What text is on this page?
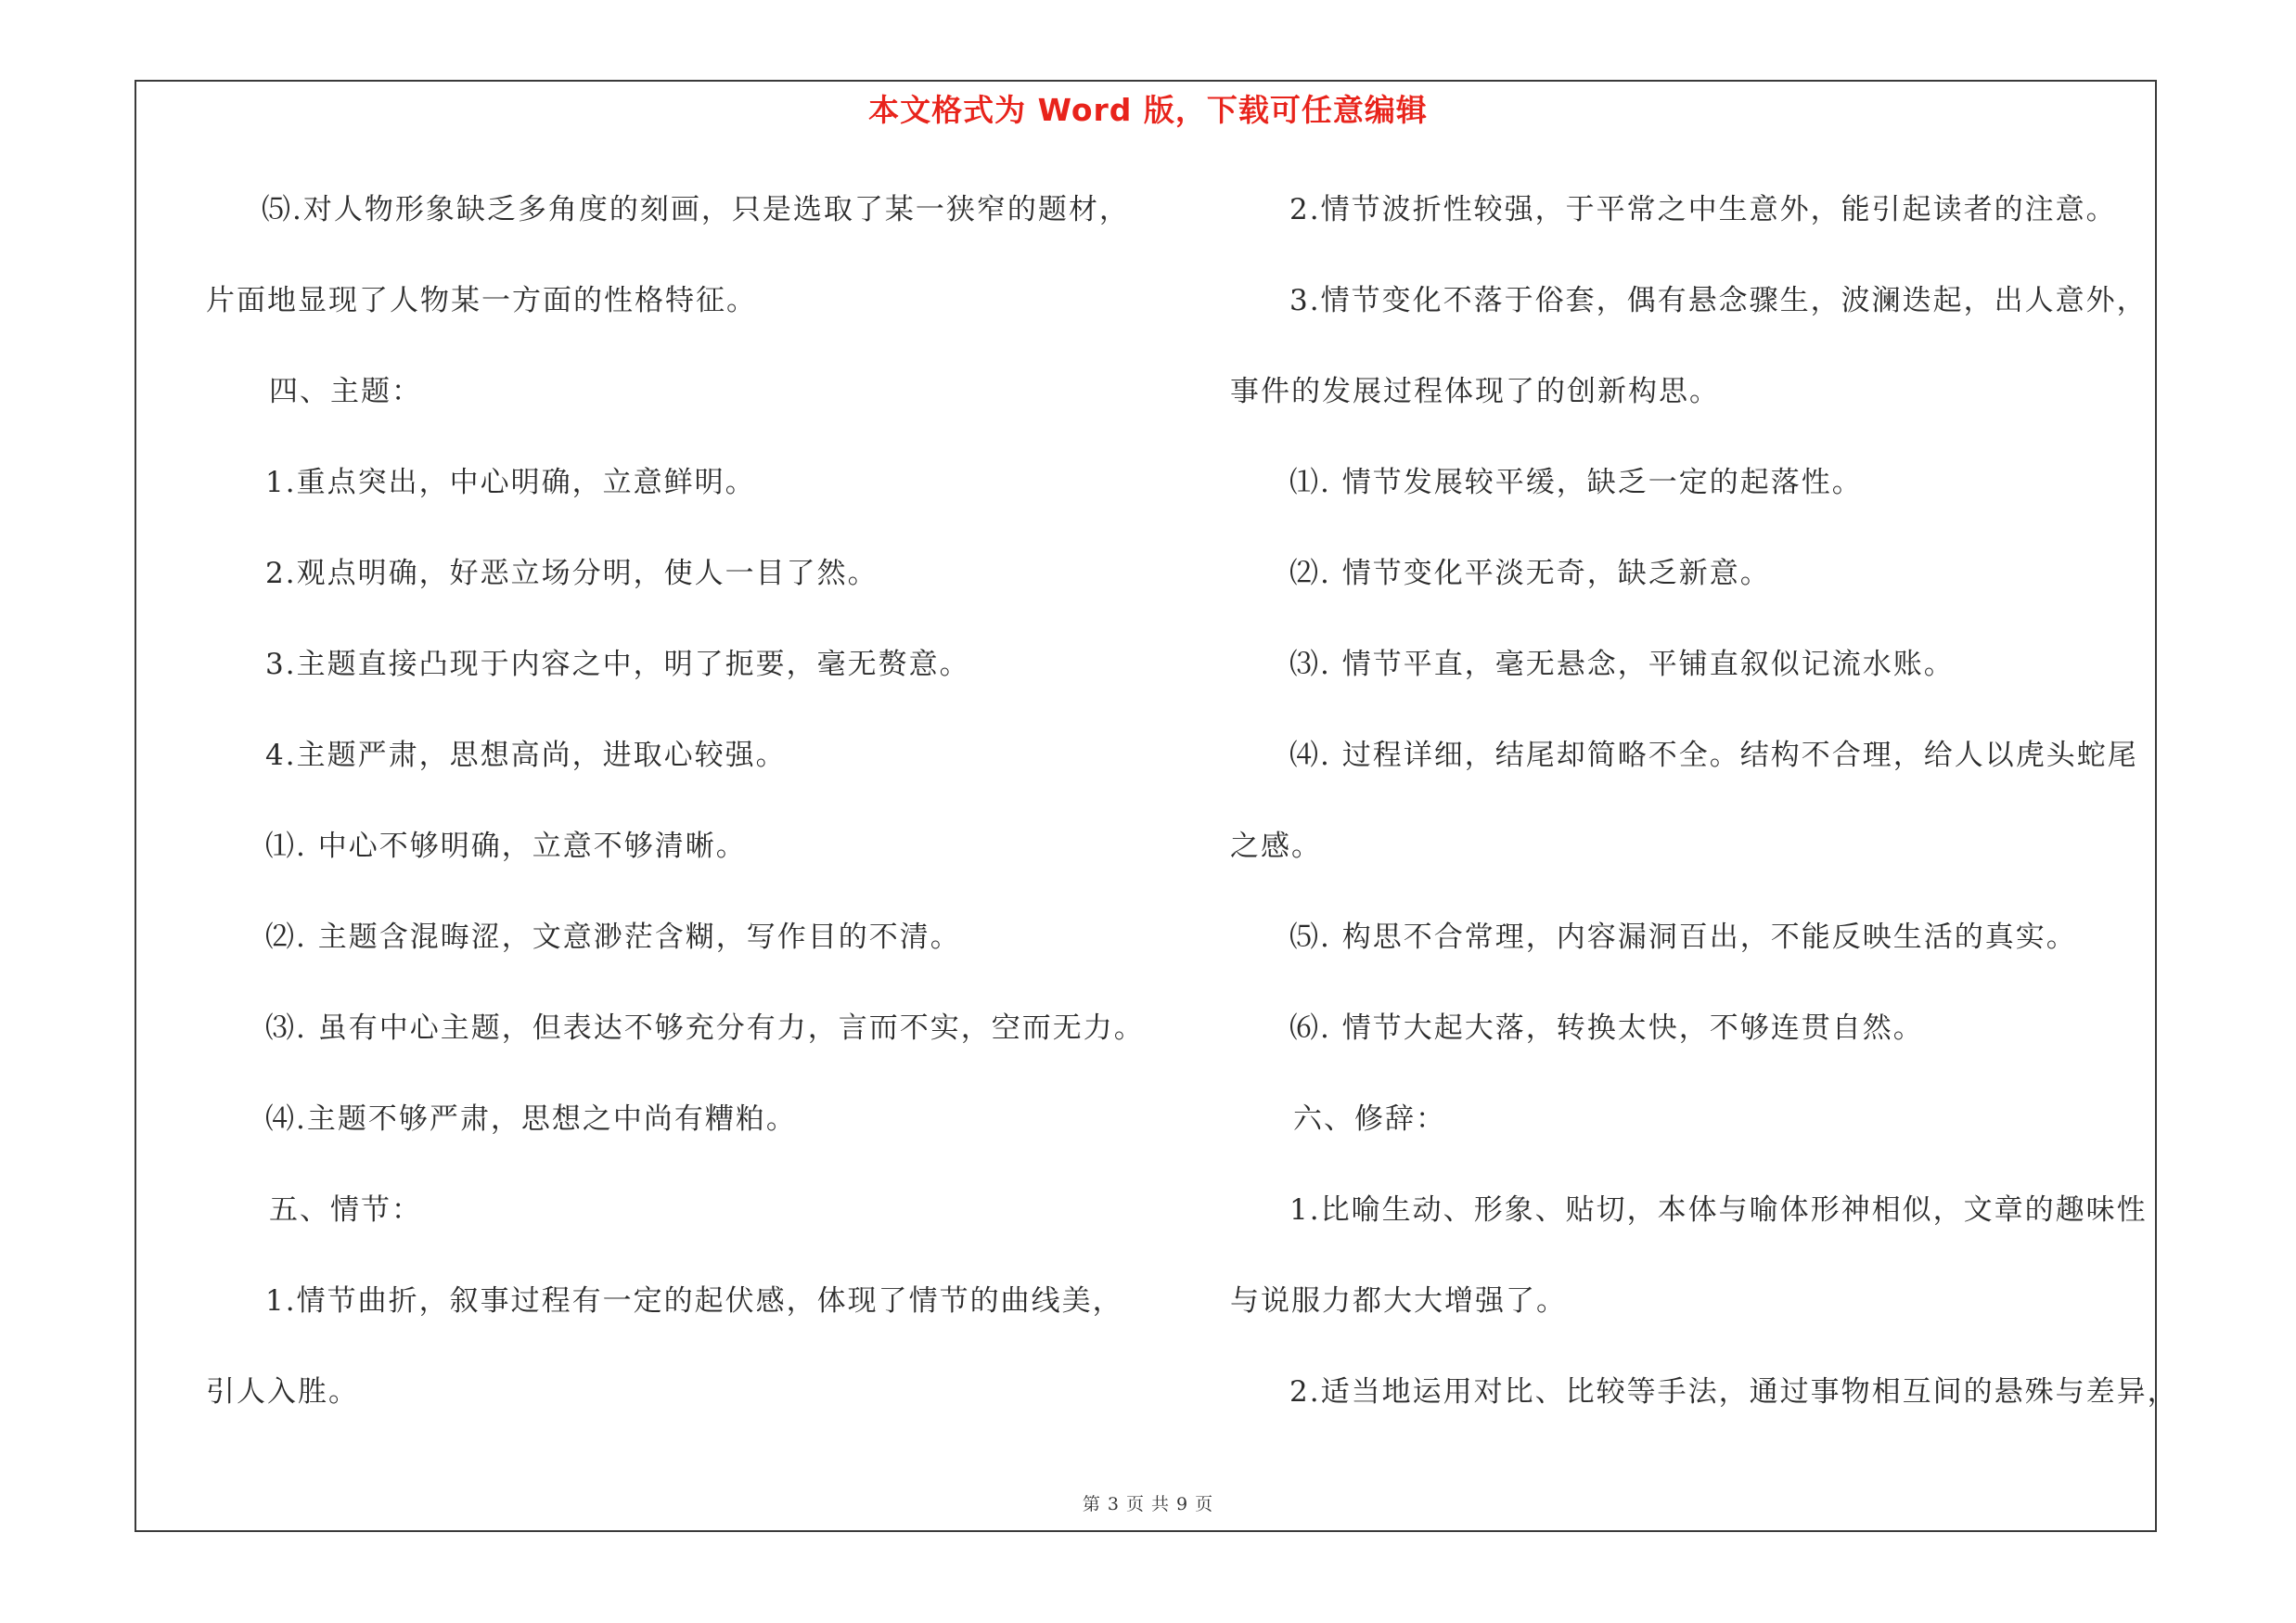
本文格式为 Word 版，下载可任意编辑
⑸.对人物形象缺乏多角度的刻画，只是选取了某一狭窄的题材，
片面地显现了人物某一方面的性格特征。
四、主题：
1.重点突出，中心明确，立意鲜明。
2.观点明确，好恶立场分明，使人一目了然。
3.主题直接凸现于内容之中，明了扼要，毫无赘意。
4.主题严肃，思想高尚，进取心较强。
⑴. 中心不够明确，立意不够清晰。
⑵. 主题含混晦涩，文意渺茫含糊，写作目的不清。
⑶. 虽有中心主题，但表达不够充分有力，言而不实，空而无力。
⑷.主题不够严肃，思想之中尚有糟粕。
五、情节：
1.情节曲折，叙事过程有一定的起伏感，体现了情节的曲线美，
引人入胜。
2.情节波折性较强，于平常之中生意外，能引起读者的注意。
3.情节变化不落于俗套，偶有悬念骤生，波澜迭起，出人意外，
事件的发展过程体现了的创新构思。
⑴. 情节发展较平缓，缺乏一定的起落性。
⑵. 情节变化平淡无奇，缺乏新意。
⑶. 情节平直，毫无悬念，平铺直叙似记流水账。
⑷. 过程详细，结尾却简略不全。结构不合理，给人以虎头蛇尾
之感。
⑸. 构思不合常理，内容漏洞百出，不能反映生活的真实。
⑹. 情节大起大落，转换太快，不够连贯自然。
六、修辞：
1.比喻生动、形象、贴切，本体与喻体形神相似，文章的趣味性
与说服力都大大增强了。
2.适当地运用对比、比较等手法，通过事物相互间的悬殊与差异，
第 3 页 共 9 页
